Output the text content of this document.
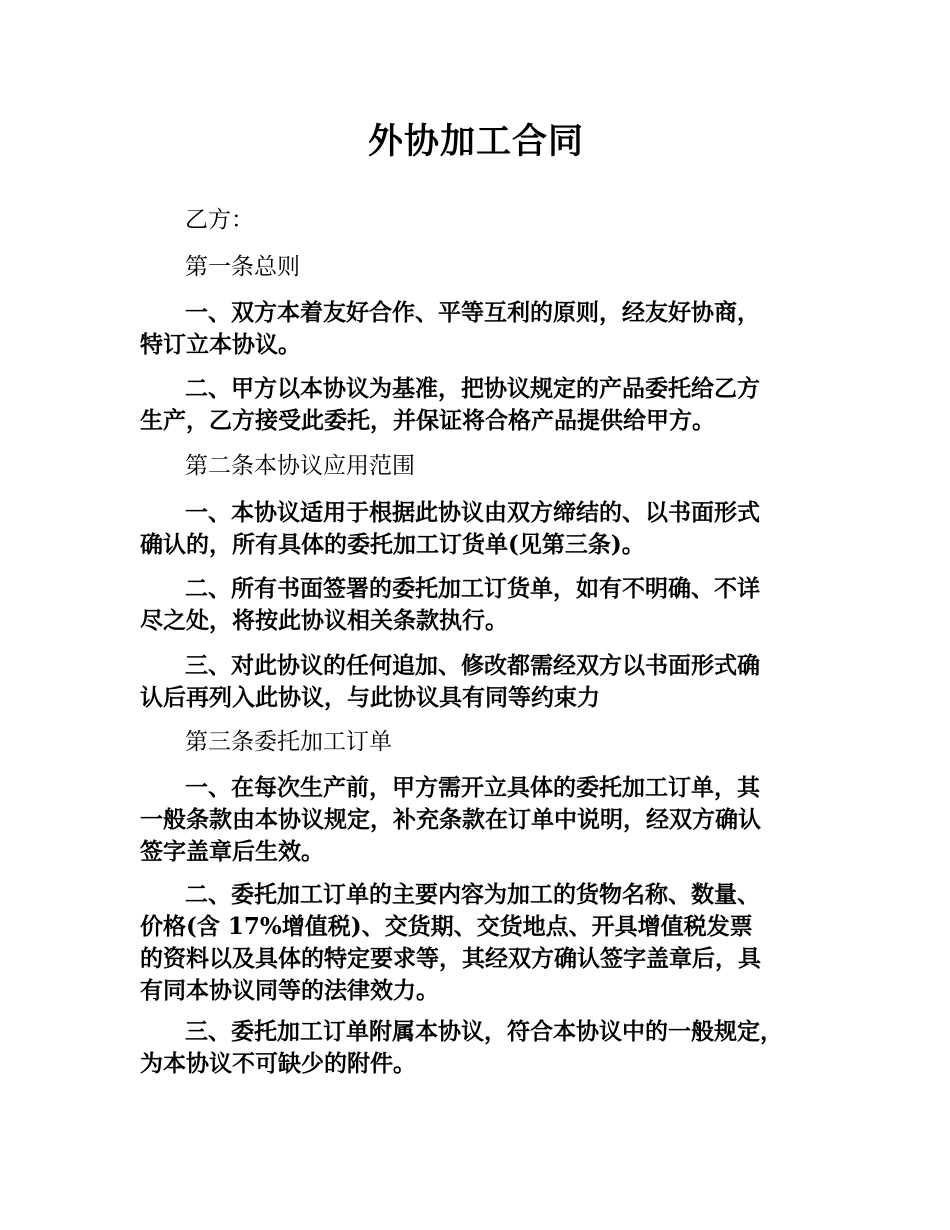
外协加工合同
乙方：
第一条总则
一、双方本着友好合作、平等互利的原则，经友好协商，
特订立本协议。
二、甲方以本协议为基准，把协议规定的产品委托给乙方
生产，乙方接受此委托，并保证将合格产品提供给甲方。
第二条本协议应用范围
一、本协议适用于根据此协议由双方缔结的、以书面形式
确认的，所有具体的委托加工订货单(见第三条)。
二、所有书面签署的委托加工订货单，如有不明确、不详
尽之处，将按此协议相关条款执行。
三、对此协议的任何追加、修改都需经双方以书面形式确
认后再列入此协议，与此协议具有同等约束力
第三条委托加工订单
一、在每次生产前，甲方需开立具体的委托加工订单，其
一般条款由本协议规定，补充条款在订单中说明，经双方确认
签字盖章后生效。
二、委托加工订单的主要内容为加工的货物名称、数量、
价格(含 17%增值税)、交货期、交货地点、开具增值税发票
的资料以及具体的特定要求等，其经双方确认签字盖章后，具
有同本协议同等的法律效力。
三、委托加工订单附属本协议，符合本协议中的一般规定，
为本协议不可缺少的附件。
